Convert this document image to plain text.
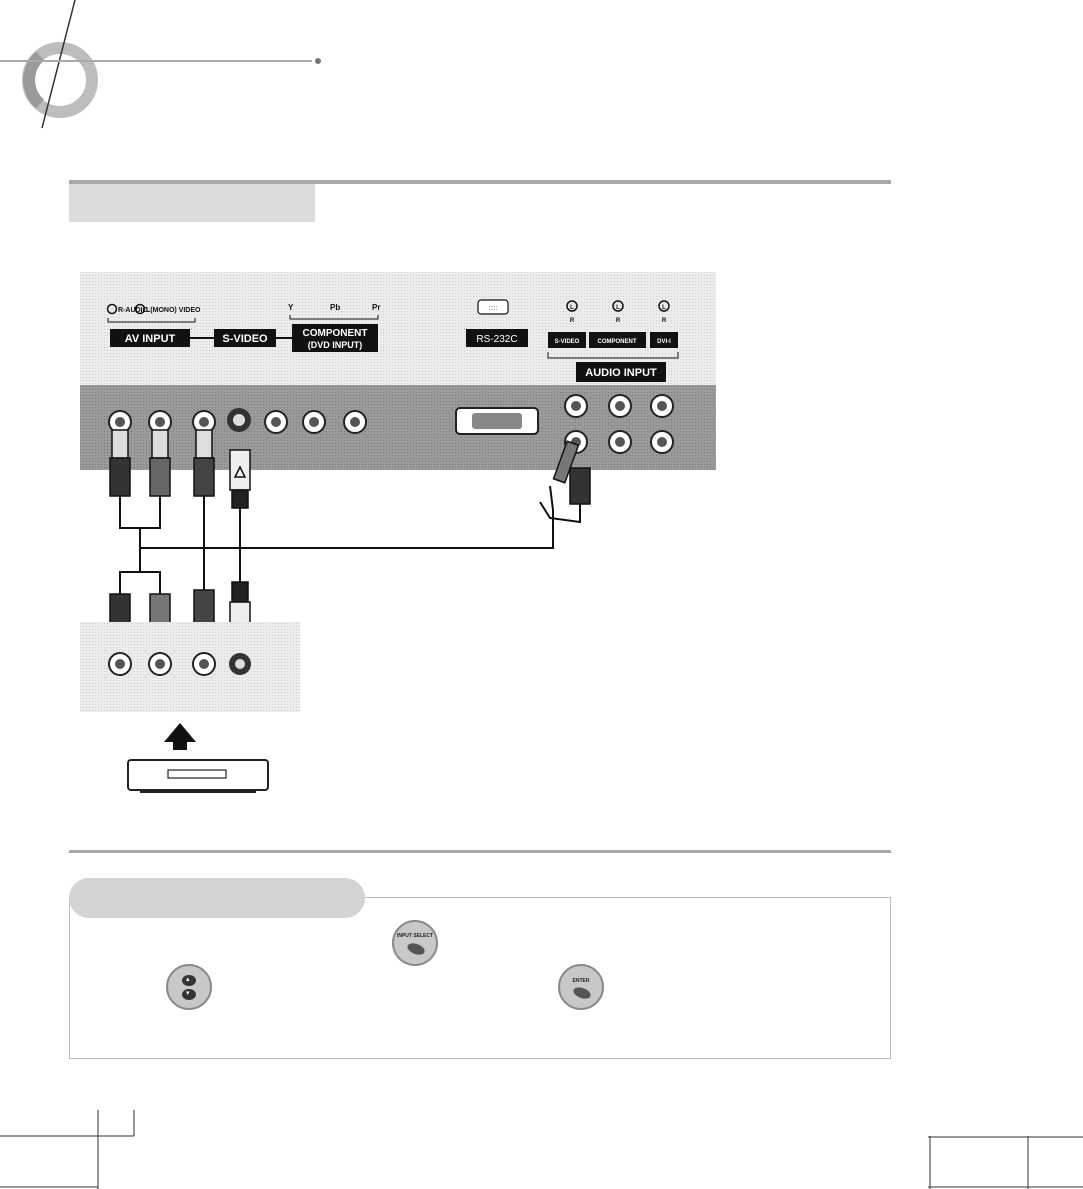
R-AUDIO
L(MONO) VIDEO
AV INPUT	S-VIDEO
Y	Pb	Pr
COMPONENT
(DVD INPUT)
:::::
RS-232C
L
R
L
R
L
R
S-VIDEO	COMPONENT	DVI-I
AUDIO INPUT
INPUT SELECT
▴
▾
ENTER
